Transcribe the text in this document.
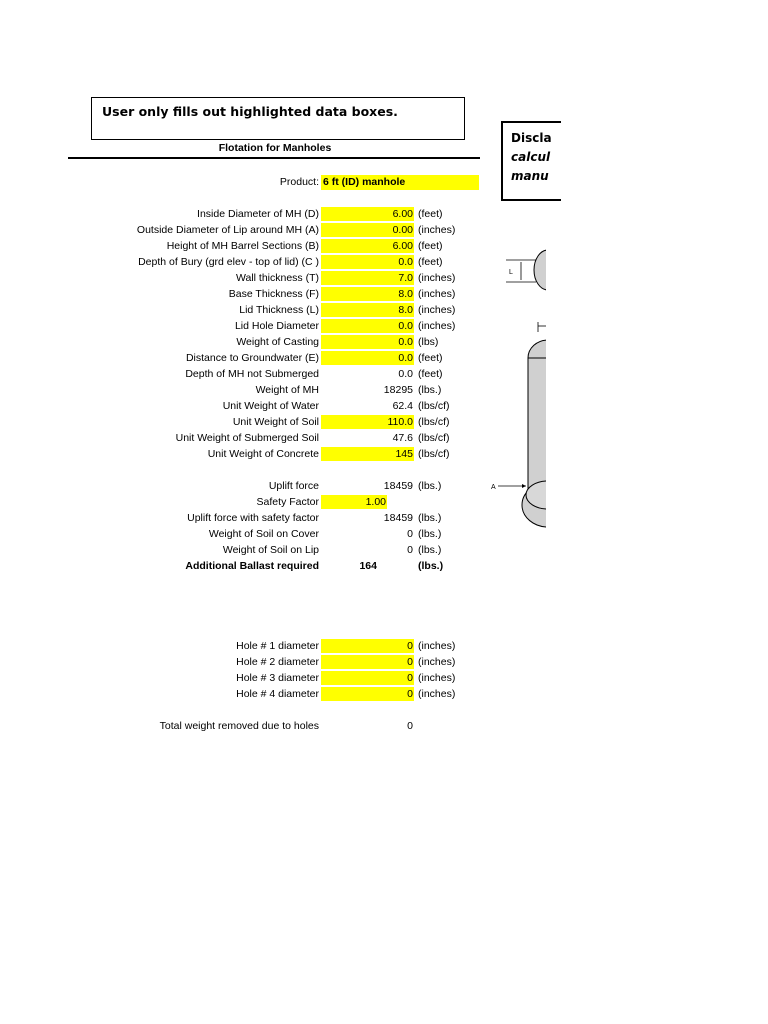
User only fills out highlighted data boxes.
Discla
calcul
manu
Flotation for Manholes
Product: 6 ft (ID) manhole
Inside Diameter of MH (D)	6.00 (feet)
Outside Diameter of Lip around MH (A)	0.00 (inches)
Height of MH Barrel Sections (B)	6.00 (feet)
Depth of Bury (grd elev - top of lid) (C )	0.0 (feet)
Wall thickness (T)	7.0 (inches)
Base Thickness (F)	8.0 (inches)
Lid Thickness (L)	8.0 (inches)
Lid Hole Diameter	0.0 (inches)
Weight of Casting	0.0 (lbs)
Distance to Groundwater (E)	0.0 (feet)
Depth of MH not Submerged	0.0 (feet)
Weight of MH	18295 (lbs.)
Unit Weight of Water	62.4 (lbs/cf)
Unit Weight of Soil	110.0 (lbs/cf)
Unit Weight of Submerged Soil	47.6 (lbs/cf)
Unit Weight of Concrete	145 (lbs/cf)
Uplift force	18459 (lbs.)
Safety Factor	1.00
Uplift force with safety factor	18459 (lbs.)
Weight of Soil on Cover	0 (lbs.)
Weight of Soil on Lip	0 (lbs.)
Additional Ballast required	164	(lbs.)
Hole # 1 diameter	0 (inches)
Hole # 2 diameter	0 (inches)
Hole # 3 diameter	0 (inches)
Hole # 4 diameter	0 (inches)
Total weight removed due to holes	0
L
A
